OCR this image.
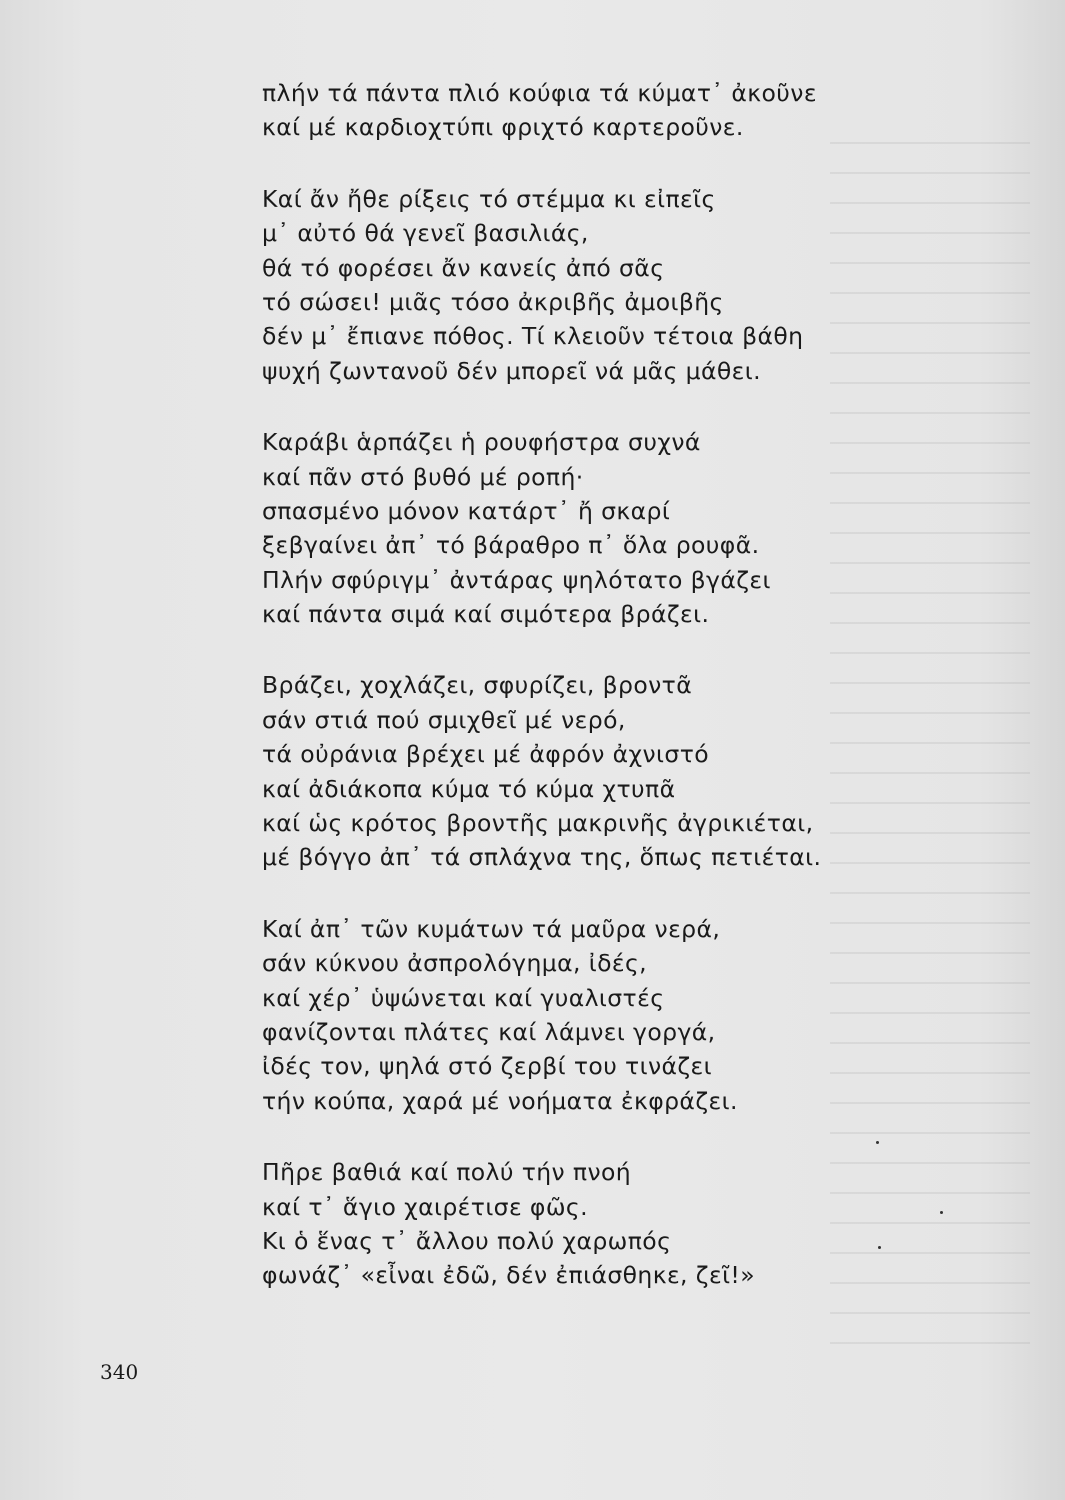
πλήν τά πάντα πλιό κούφια τά κύματ᾿ ἀκοῦνε
καί μέ καρδιοχτύπι φριχτό καρτεροῦνε.
Καί ἄν ἤθε ρίξεις τό στέμμα κι εἰπεῖς
μ᾿ αὐτό θά γενεῖ βασιλιάς,
θά τό φορέσει ἄν κανείς ἀπό σᾶς
τό σώσει! μιᾶς τόσο ἀκριβῆς ἀμοιβῆς
δέν μ᾿ ἔπιανε πόθος. Τί κλειοῦν τέτοια βάθη
ψυχή ζωντανοῦ δέν μπορεῖ νά μᾶς μάθει.
Καράβι ἁρπάζει ἡ ρουφήστρα συχνά
καί πᾶν στό βυθό μέ ροπή·
σπασμένο μόνον κατάρτ᾿ ἤ σκαρί
ξεβγαίνει ἀπ᾿ τό βάραθρο π᾿ ὅλα ρουφᾶ.
Πλήν σφύριγμ᾿ ἀντάρας ψηλότατο βγάζει
καί πάντα σιμά καί σιμότερα βράζει.
Βράζει, χοχλάζει, σφυρίζει, βροντᾶ
σάν στιά πού σμιχθεῖ μέ νερό,
τά οὐράνια βρέχει μέ ἀφρόν ἀχνιστό
καί ἀδιάκοπα κύμα τό κύμα χτυπᾶ
καί ὡς κρότος βροντῆς μακρινῆς ἀγρικιέται,
μέ βόγγο ἀπ᾿ τά σπλάχνα της, ὅπως πετιέται.
Καί ἀπ᾿ τῶν κυμάτων τά μαῦρα νερά,
σάν κύκνου ἀσπρολόγημα, ἰδές,
καί χέρ᾿ ὑψώνεται καί γυαλιστές
φανίζονται πλάτες καί λάμνει γοργά,
ἰδές τον, ψηλά στό ζερβί του τινάζει
τήν κούπα, χαρά μέ νοήματα ἐκφράζει.
Πῆρε βαθιά καί πολύ τήν πνοή
καί τ᾿ ἅγιο χαιρέτισε φῶς.
Κι ὁ ἕνας τ᾿ ἄλλου πολύ χαρωπός
φωνάζ᾿ «εἶναι ἐδῶ, δέν ἐπιάσθηκε, ζεῖ!»
340
